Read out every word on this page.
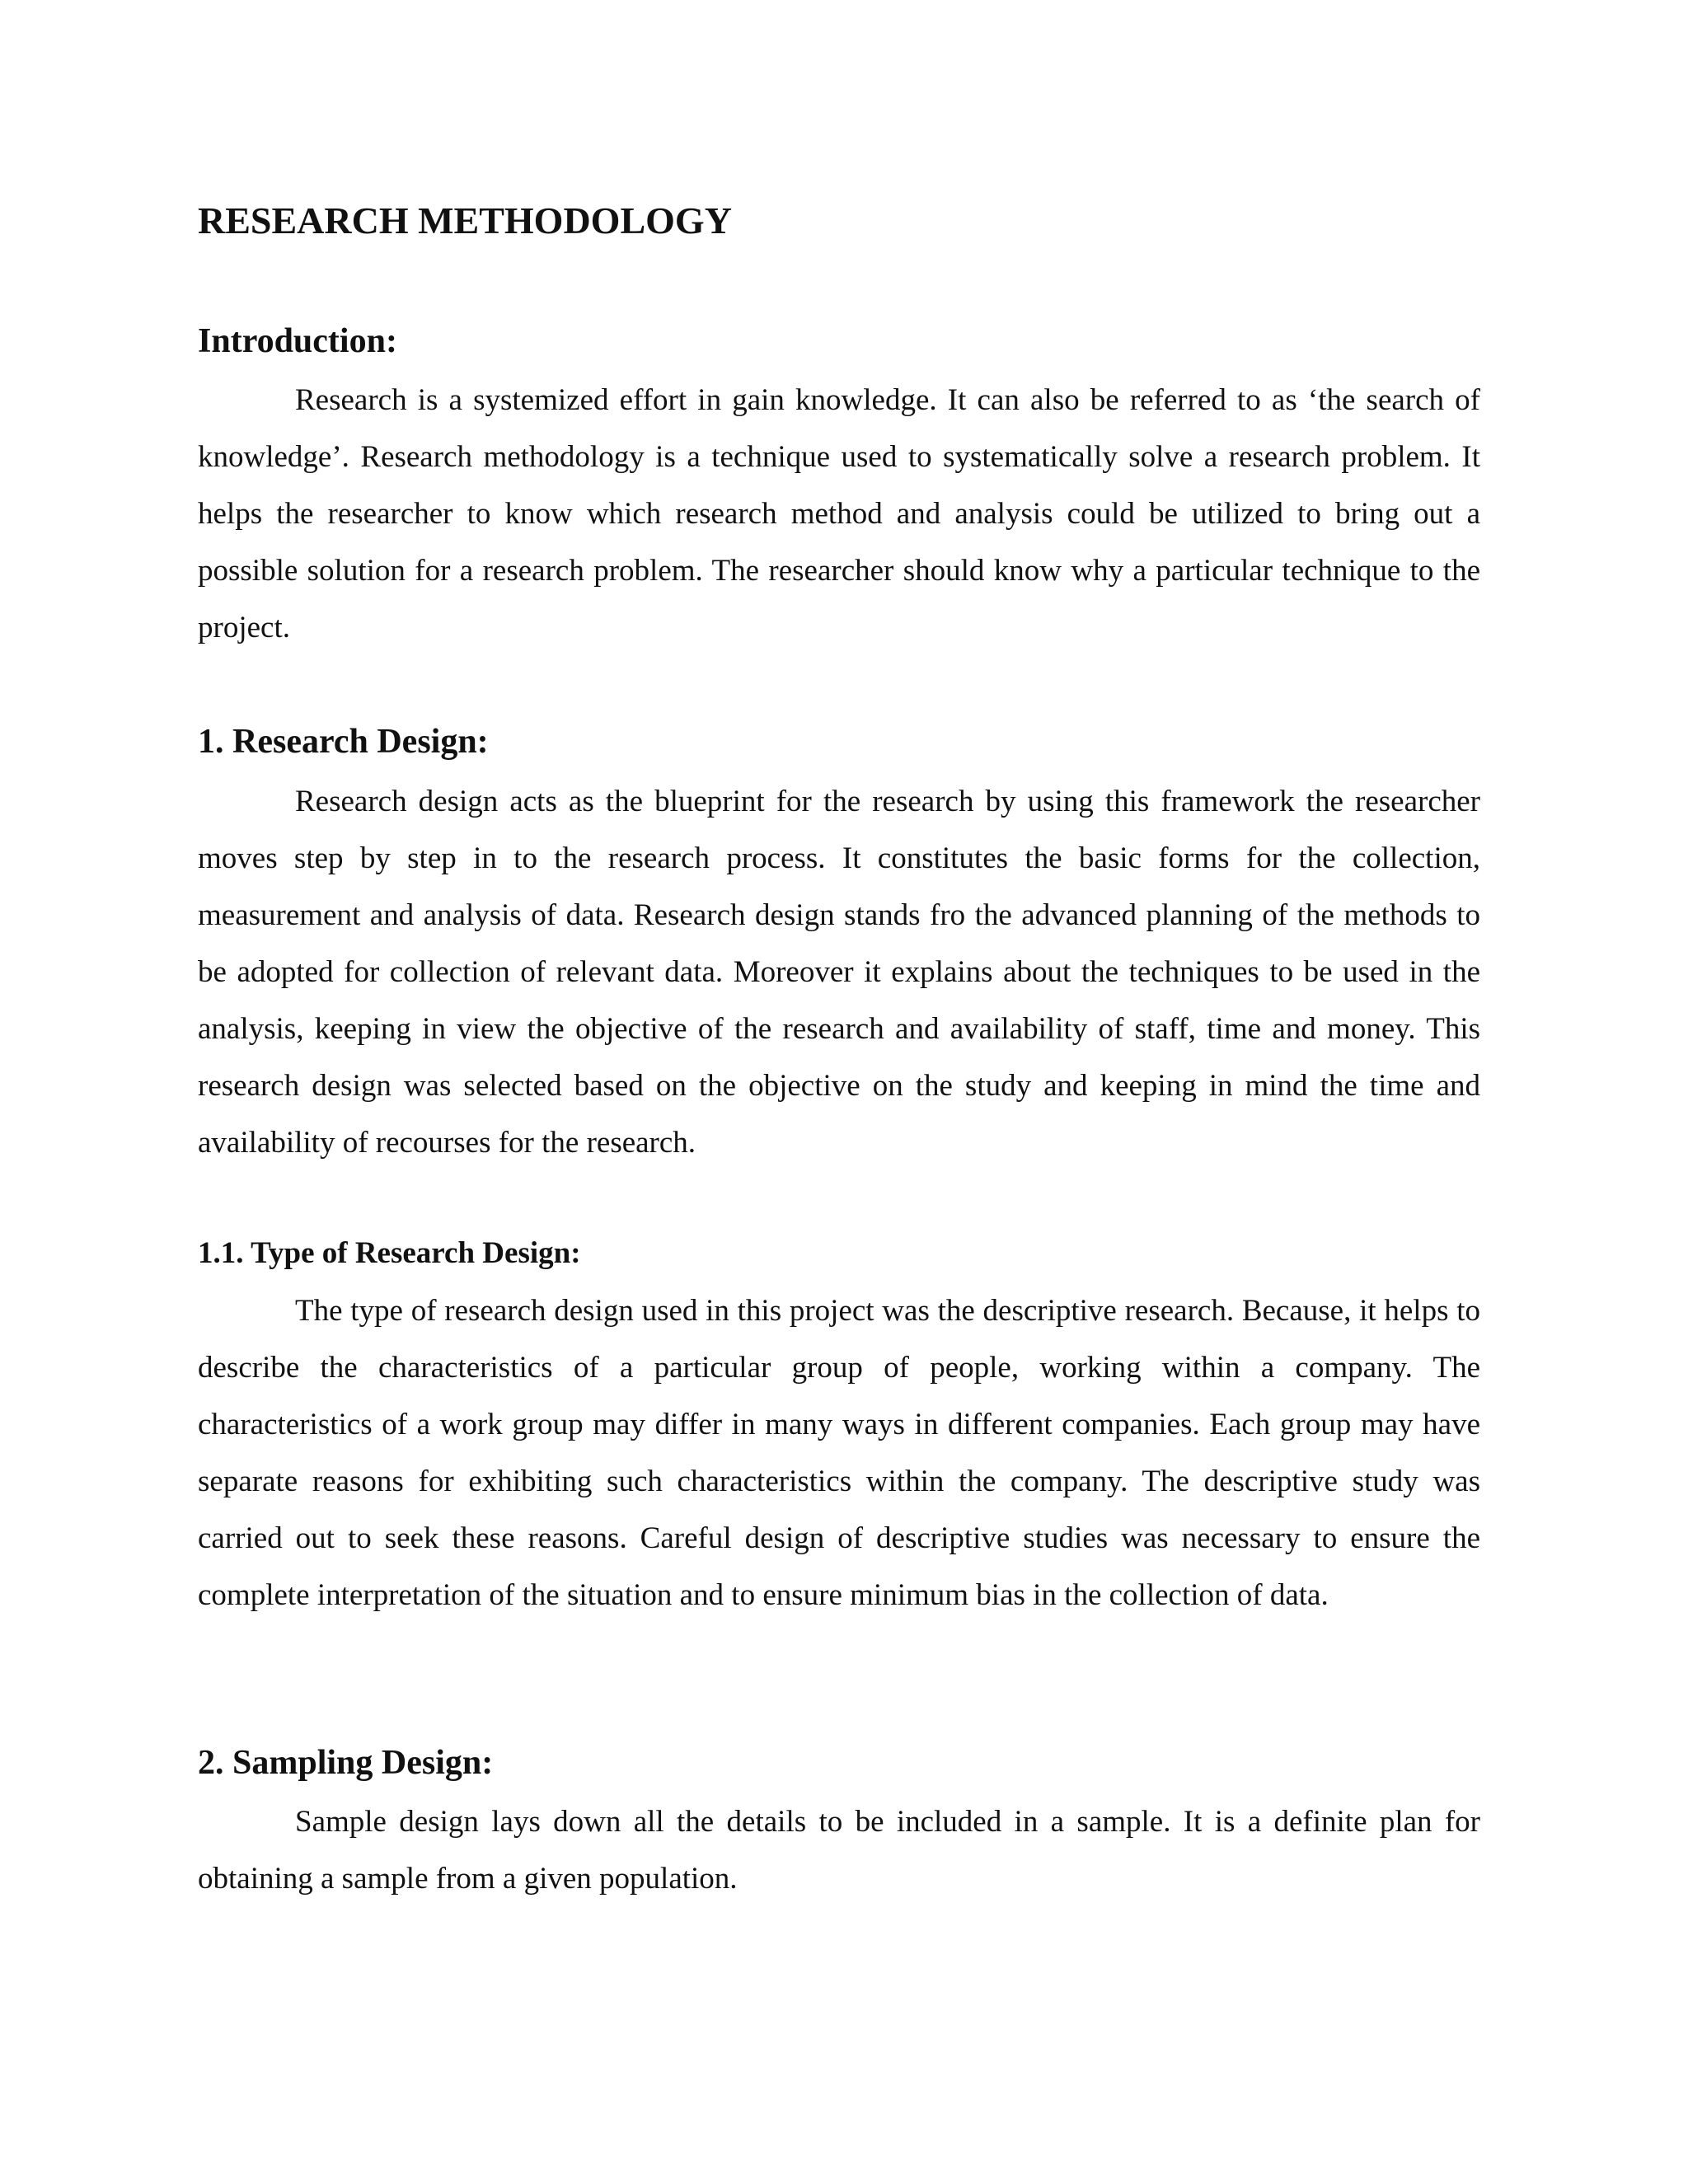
RESEARCH METHODOLOGY
Introduction:

Research is a systemized effort in gain knowledge. It can also be referred to as ‘the search of knowledge’. Research methodology is a technique used to systematically solve a research problem. It helps the researcher to know which research method and analysis could be utilized to bring out a possible solution for a research problem. The researcher should know why a particular technique to the project.

1. Research Design:

Research design acts as the blueprint for the research by using this framework the researcher moves step by step in to the research process. It constitutes the basic forms for the collection, measurement and analysis of data. Research design stands fro the advanced planning of the methods to be adopted for collection of relevant data. Moreover it explains about the techniques to be used in the analysis, keeping in view the objective of the research and availability of staff, time and money. This research design was selected based on the objective on the study and keeping in mind the time and availability of recourses for the research.

1.1. Type of Research Design:

The type of research design used in this project was the descriptive research. Because, it helps to describe the characteristics of a particular group of people, working within a company. The characteristics of a work group may differ in many ways in different companies. Each group may have separate reasons for exhibiting such characteristics within the company. The descriptive study was carried out to seek these reasons. Careful design of descriptive studies was necessary to ensure the complete interpretation of the situation and to ensure minimum bias in the collection of data.

2. Sampling Design:

Sample design lays down all the details to be included in a sample. It is a definite plan for obtaining a sample from a given population.
